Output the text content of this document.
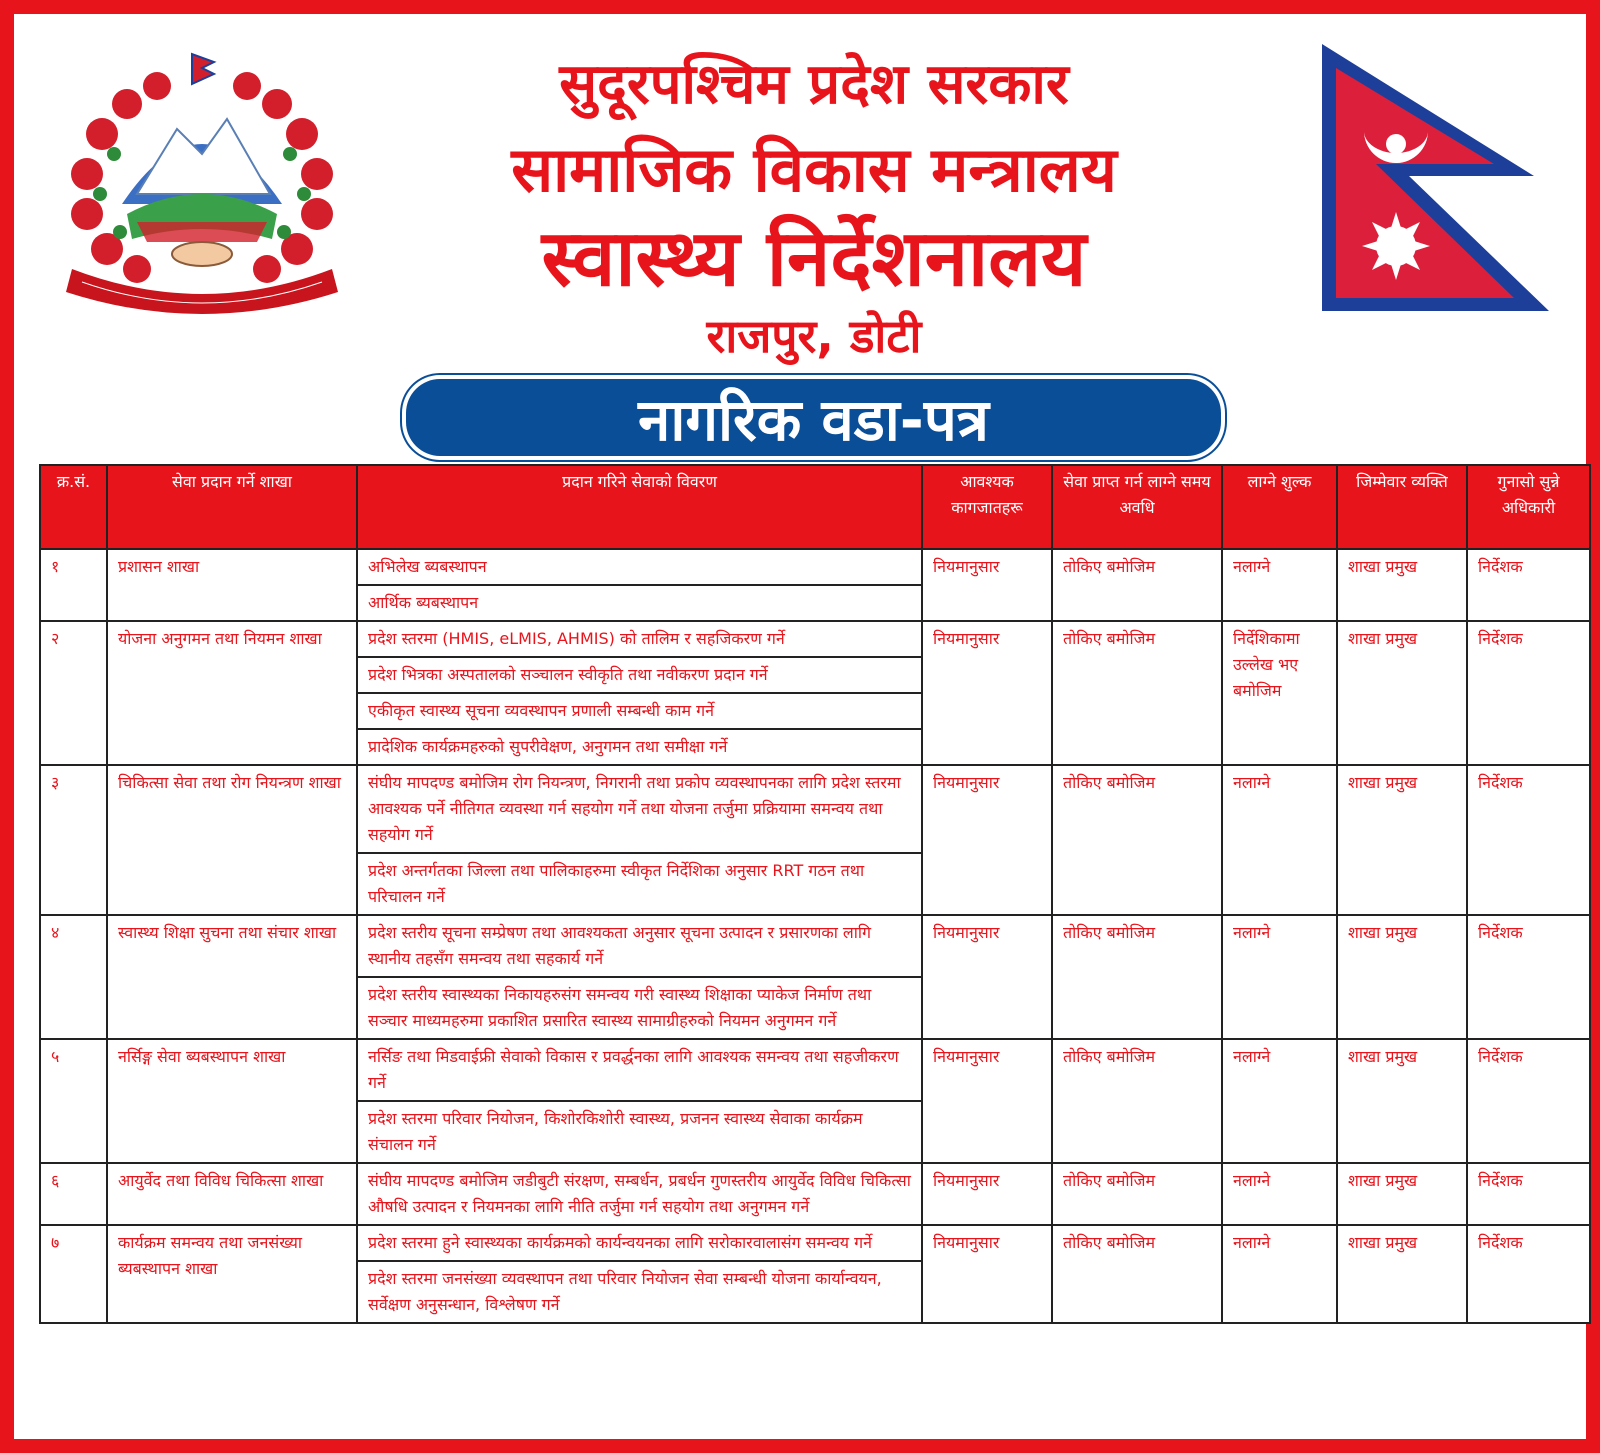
सुदूरपश्चिम प्रदेश सरकार
सामाजिक विकास मन्त्रालय
स्वास्थ्य निर्देशनालय
राजपुर, डोटी
नागरिक वडा-पत्र
क्र.सं.	सेवा प्रदान गर्ने शाखा	प्रदान गरिने सेवाको विवरण	आवश्यक कागजातहरू	सेवा प्राप्त गर्न लाग्ने समय अवधि	लाग्ने शुल्क	जिम्मेवार व्यक्ति	गुनासो सुन्ने अधिकारी
१	प्रशासन शाखा	अभिलेख ब्यबस्थापन
आर्थिक ब्यबस्थापन	नियमानुसार	तोकिए बमोजिम	नलाग्ने	शाखा प्रमुख	निर्देशक
२	योजना अनुगमन तथा नियमन शाखा	प्रदेश स्तरमा (HMIS, eLMIS, AHMIS) को तालिम र सहजिकरण गर्ने
प्रदेश भित्रका अस्पतालको सञ्चालन स्वीकृति तथा नवीकरण प्रदान गर्ने
एकीकृत स्वास्थ्य सूचना व्यवस्थापन प्रणाली सम्बन्धी काम गर्ने
प्रादेशिक कार्यक्रमहरुको सुपरीवेक्षण, अनुगमन तथा समीक्षा गर्ने	नियमानुसार	तोकिए बमोजिम	निर्देशिकामा उल्लेख भए बमोजिम	शाखा प्रमुख	निर्देशक
३	चिकित्सा सेवा तथा रोग नियन्त्रण शाखा	संघीय मापदण्ड बमोजिम रोग नियन्त्रण, निगरानी तथा प्रकोप व्यवस्थापनका लागि प्रदेश स्तरमा आवश्यक पर्ने नीतिगत व्यवस्था गर्न सहयोग गर्ने तथा योजना तर्जुमा प्रक्रियामा समन्वय तथा सहयोग गर्ने
प्रदेश अन्तर्गतका जिल्ला तथा पालिकाहरुमा स्वीकृत निर्देशिका अनुसार RRT गठन तथा परिचालन गर्ने	नियमानुसार	तोकिए बमोजिम	नलाग्ने	शाखा प्रमुख	निर्देशक
४	स्वास्थ्य शिक्षा सुचना तथा संचार शाखा	प्रदेश स्तरीय सूचना सम्प्रेषण तथा आवश्यकता अनुसार सूचना उत्पादन र प्रसारणका लागि स्थानीय तहसँग समन्वय तथा सहकार्य गर्ने
प्रदेश स्तरीय स्वास्थ्यका निकायहरुसंग समन्वय गरी स्वास्थ्य शिक्षाका प्याकेज निर्माण तथा सञ्चार माध्यमहरुमा प्रकाशित प्रसारित स्वास्थ्य सामाग्रीहरुको नियमन अनुगमन गर्ने	नियमानुसार	तोकिए बमोजिम	नलाग्ने	शाखा प्रमुख	निर्देशक
५	नर्सिङ्ग सेवा ब्यबस्थापन शाखा	नर्सिङ तथा मिडवाईफ्री सेवाको विकास र प्रवर्द्धनका लागि आवश्यक समन्वय तथा सहजीकरण गर्ने
प्रदेश स्तरमा परिवार नियोजन, किशोरकिशोरी स्वास्थ्य, प्रजनन स्वास्थ्य सेवाका कार्यक्रम संचालन गर्ने	नियमानुसार	तोकिए बमोजिम	नलाग्ने	शाखा प्रमुख	निर्देशक
६	आयुर्वेद तथा विविध चिकित्सा शाखा	संघीय मापदण्ड बमोजिम जडीबुटी संरक्षण, सम्बर्धन, प्रबर्धन गुणस्तरीय आयुर्वेद विविध चिकित्सा औषधि उत्पादन र नियमनका लागि नीति तर्जुमा गर्न सहयोग तथा अनुगमन गर्ने	नियमानुसार	तोकिए बमोजिम	नलाग्ने	शाखा प्रमुख	निर्देशक
७	कार्यक्रम समन्वय तथा जनसंख्या ब्यबस्थापन शाखा	प्रदेश स्तरमा हुने स्वास्थ्यका कार्यक्रमको कार्यन्वयनका लागि सरोकारवालासंग समन्वय गर्ने
प्रदेश स्तरमा जनसंख्या व्यवस्थापन तथा परिवार नियोजन सेवा सम्बन्धी योजना कार्यान्वयन, सर्वेक्षण अनुसन्धान, विश्लेषण गर्ने	नियमानुसार	तोकिए बमोजिम	नलाग्ने	शाखा प्रमुख	निर्देशक
